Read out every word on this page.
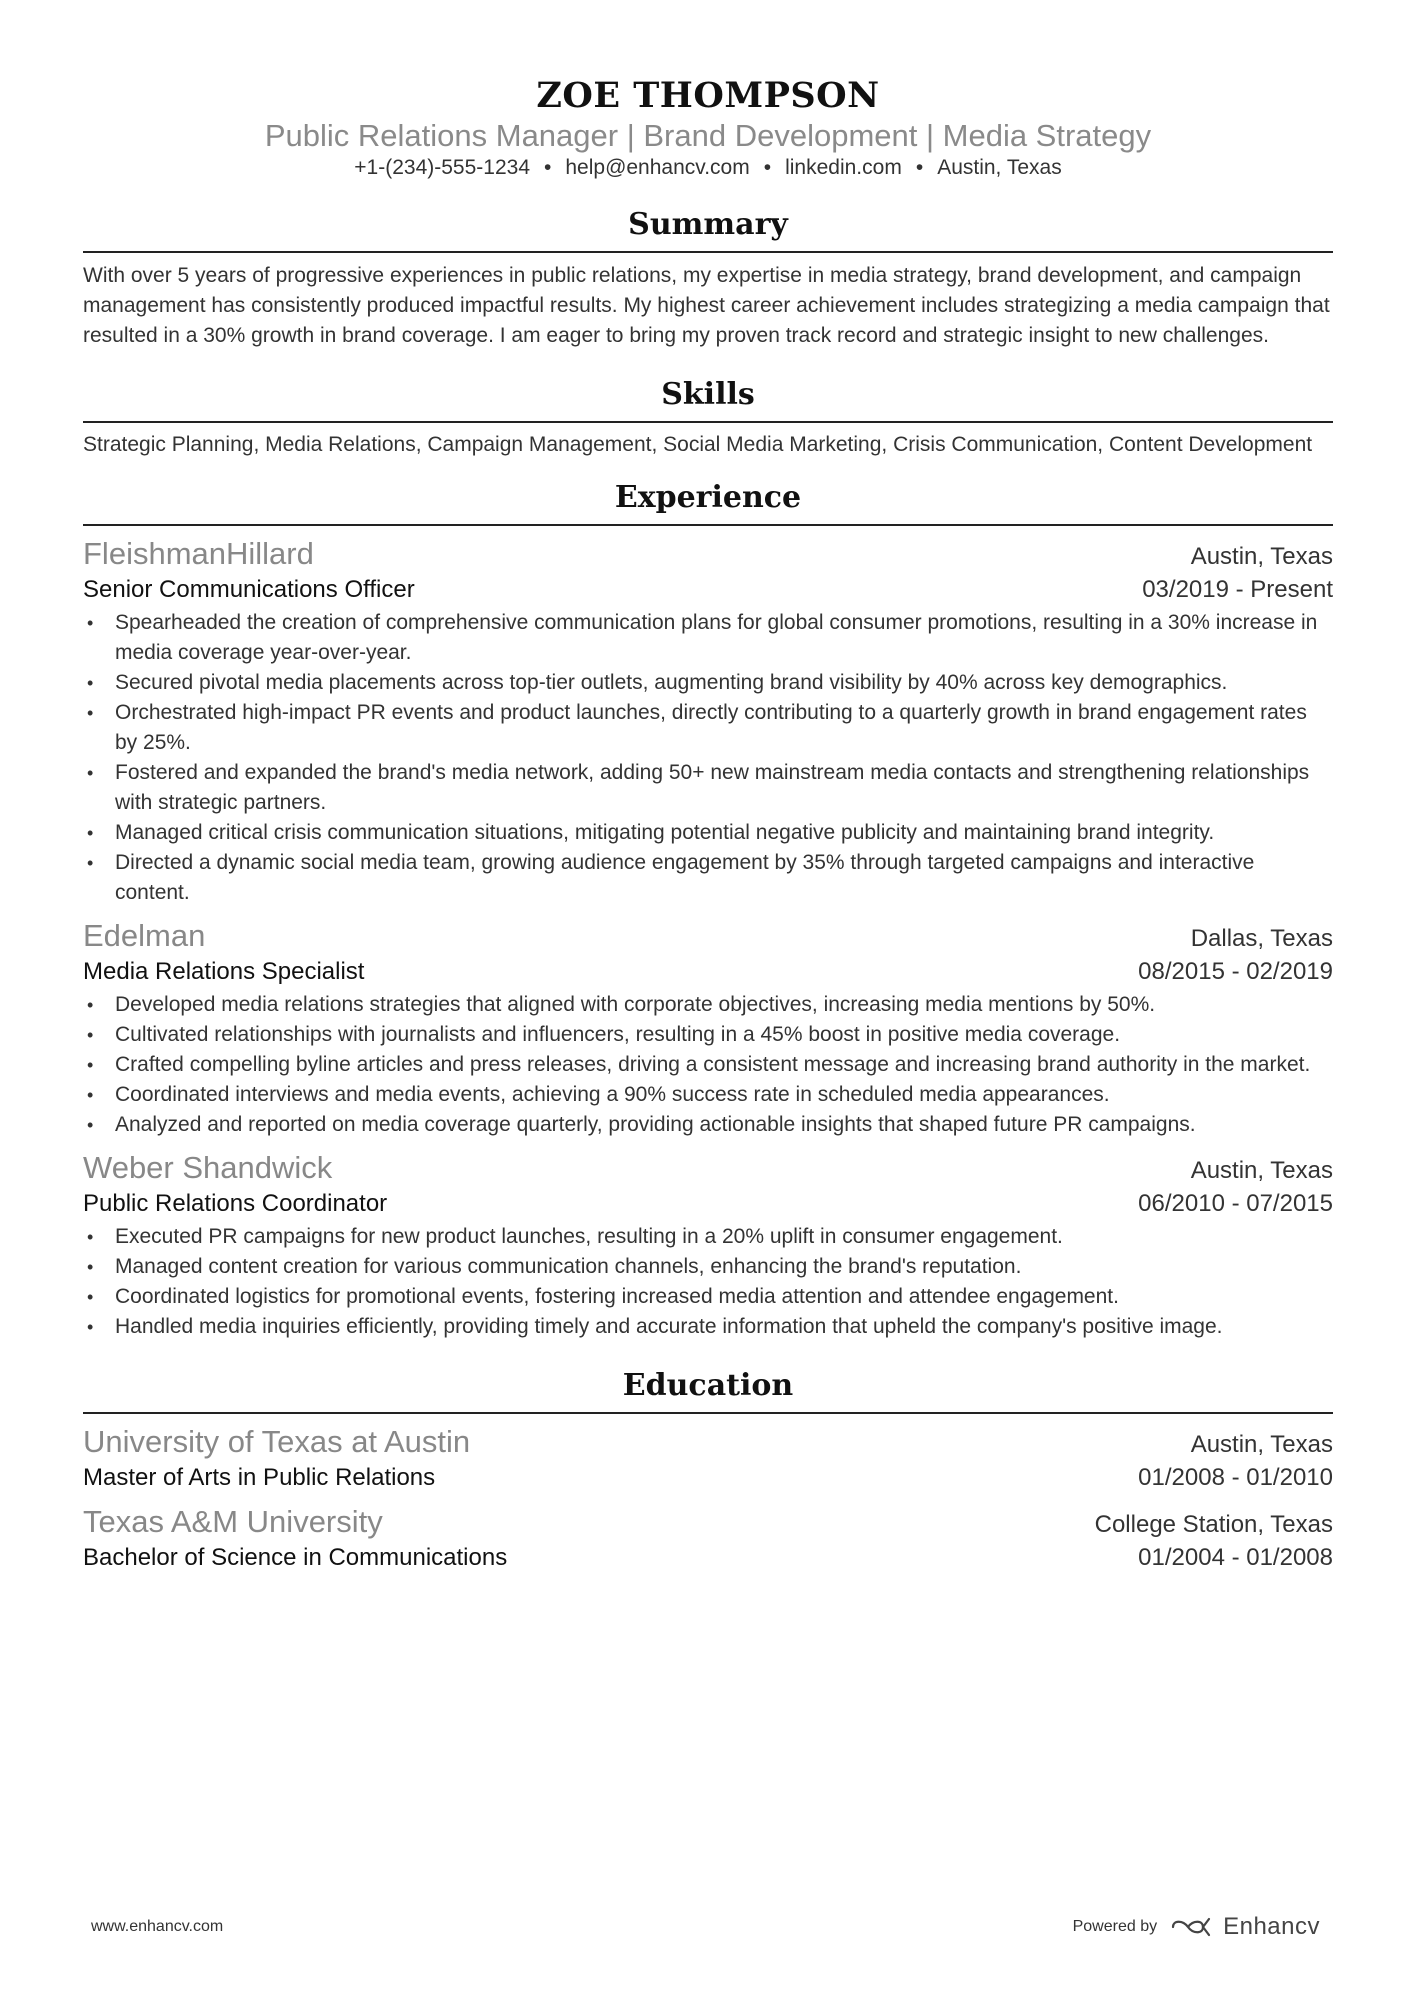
ZOE THOMPSON
Public Relations Manager | Brand Development | Media Strategy
+1-(234)-555-1234 • help@enhancv.com • linkedin.com • Austin, Texas
Summary

With over 5 years of progressive experiences in public relations, my expertise in media strategy, brand development, and campaign management has consistently produced impactful results. My highest career achievement includes strategizing a media campaign that resulted in a 30% growth in brand coverage. I am eager to bring my proven track record and strategic insight to new challenges.

Skills

Strategic Planning, Media Relations, Campaign Management, Social Media Marketing, Crisis Communication, Content Development

Experience
FleishmanHillard	Austin, Texas
Senior Communications Officer	03/2019 - Present
• Spearheaded the creation of comprehensive communication plans for global consumer promotions, resulting in a 30% increase in media coverage year-over-year.
• Secured pivotal media placements across top-tier outlets, augmenting brand visibility by 40% across key demographics.
• Orchestrated high-impact PR events and product launches, directly contributing to a quarterly growth in brand engagement rates by 25%.
• Fostered and expanded the brand's media network, adding 50+ new mainstream media contacts and strengthening relationships with strategic partners.
• Managed critical crisis communication situations, mitigating potential negative publicity and maintaining brand integrity.
• Directed a dynamic social media team, growing audience engagement by 35% through targeted campaigns and interactive content.
Edelman	Dallas, Texas
Media Relations Specialist	08/2015 - 02/2019
• Developed media relations strategies that aligned with corporate objectives, increasing media mentions by 50%.
• Cultivated relationships with journalists and influencers, resulting in a 45% boost in positive media coverage.
• Crafted compelling byline articles and press releases, driving a consistent message and increasing brand authority in the market.
• Coordinated interviews and media events, achieving a 90% success rate in scheduled media appearances.
• Analyzed and reported on media coverage quarterly, providing actionable insights that shaped future PR campaigns.
Weber Shandwick	Austin, Texas
Public Relations Coordinator	06/2010 - 07/2015
• Executed PR campaigns for new product launches, resulting in a 20% uplift in consumer engagement.
• Managed content creation for various communication channels, enhancing the brand's reputation.
• Coordinated logistics for promotional events, fostering increased media attention and attendee engagement.
• Handled media inquiries efficiently, providing timely and accurate information that upheld the company's positive image.
Education
University of Texas at Austin	Austin, Texas
Master of Arts in Public Relations	01/2008 - 01/2010
Texas A&M University	College Station, Texas
Bachelor of Science in Communications	01/2004 - 01/2008
www.enhancv.com	Powered by	Enhancv
